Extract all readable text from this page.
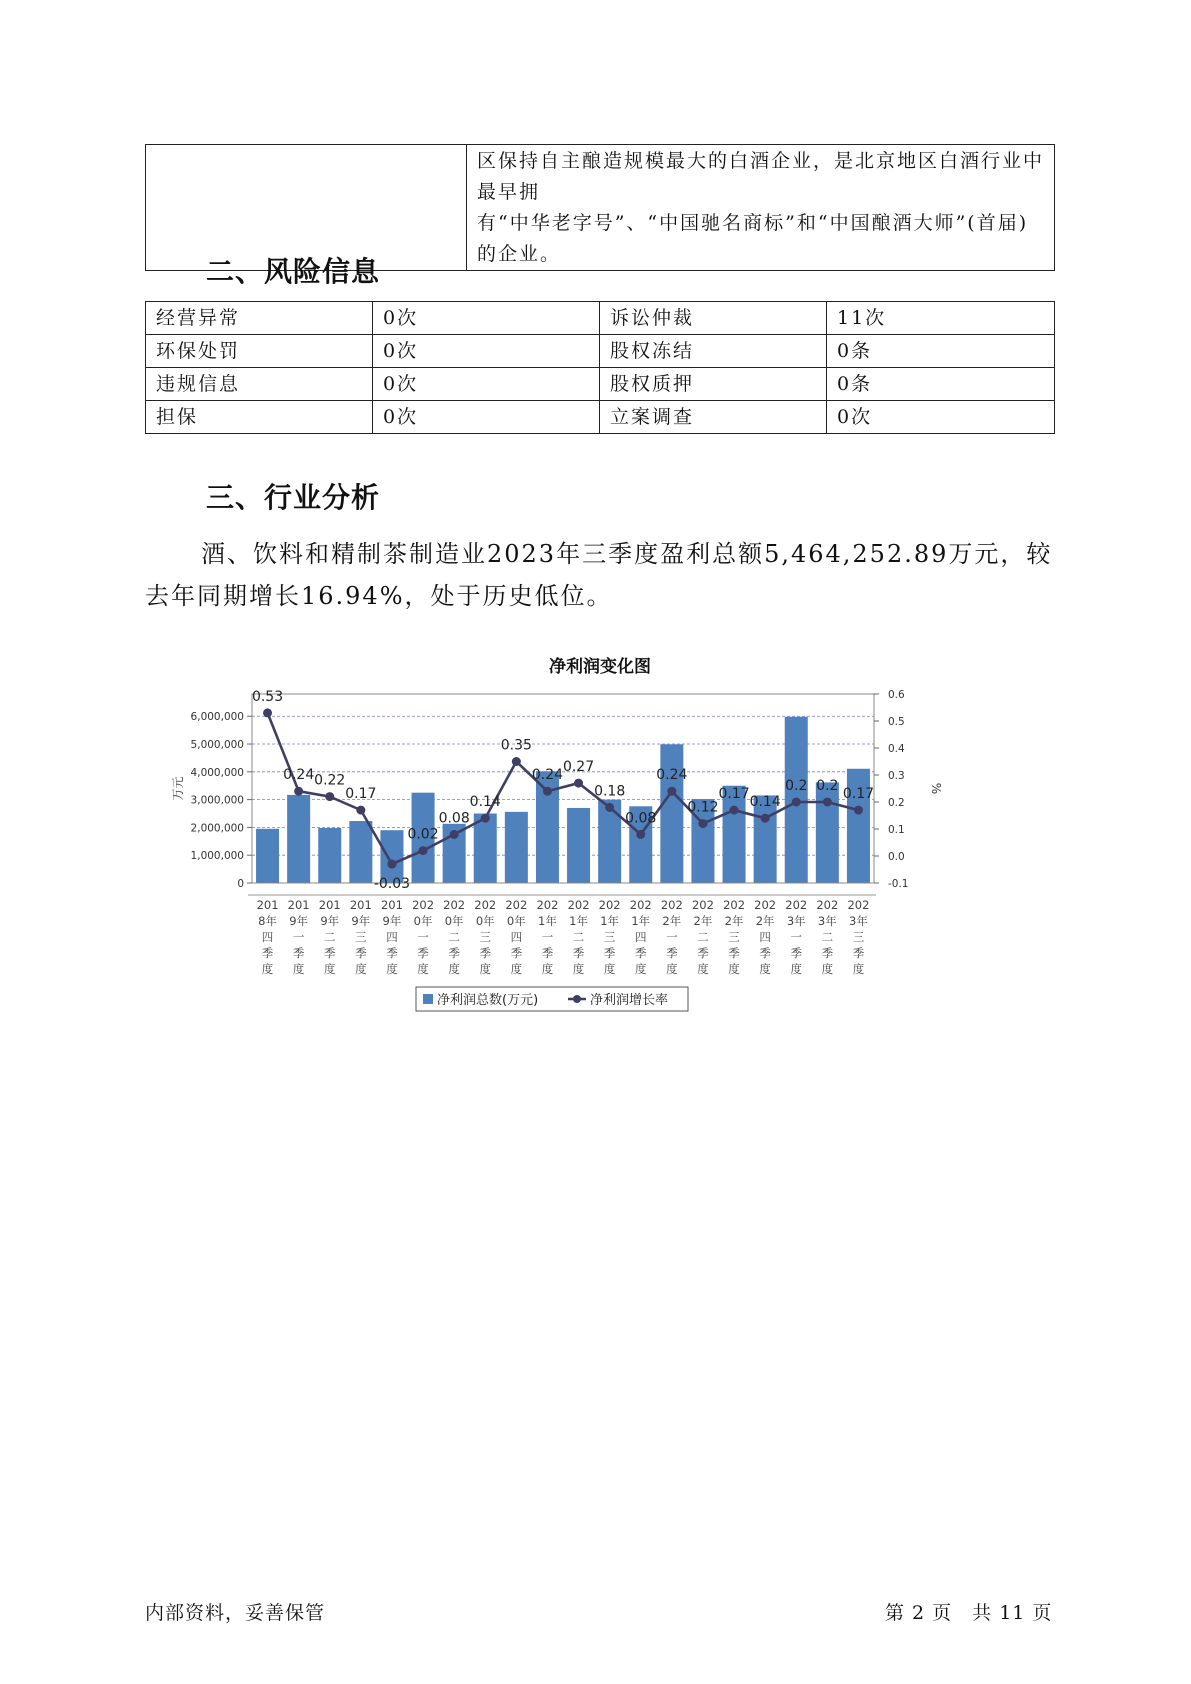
区保持自主酿造规模最大的白酒企业，是北京地区白酒行业中最早拥
有“中华老字号”、“中国驰名商标”和“中国酿酒大师”(首届)的企业。
二、风险信息
经营异常	0次	诉讼仲裁	11次
环保处罚	0次	股权冻结	0条
违规信息	0次	股权质押	0条
担保	0次	立案调查	0次
三、行业分析

酒、饮料和精制茶制造业2023年三季度盈利总额5,464,252.89万元，较去年同期增长16.94%，处于历史低位。

净利润变化图
0
1,000,000
2,000,000
3,000,000
4,000,000
5,000,000
6,000,000
-0.1
0.0
0.1
0.2
0.3
0.4
0.5
0.6
万元	%
201
8年
四
季
度
201
9年
一
季
度
201
9年
二
季
度
201
9年
三
季
度
201
9年
四
季
度
202
0年
一
季
度
202
0年
二
季
度
202
0年
三
季
度
202
0年
四
季
度
202
1年
一
季
度
202
1年
二
季
度
202
1年
三
季
度
202
1年
四
季
度
202
2年
一
季
度
202
2年
二
季
度
202
2年
三
季
度
202
2年
四
季
度
202
3年
一
季
度
202
3年
二
季
度
202
3年
三
季
度
0.53
0.24 0.22
0.17
-0.03
0.02
0.08
0.14
0.35
0.24
0.27
0.18
0.08
0.24
0.12
0.17
0.14
0.2 0.2
0.17
净利润总数(万元)	净利润增长率
内部资料，妥善保管	第 2 页　共 11 页
